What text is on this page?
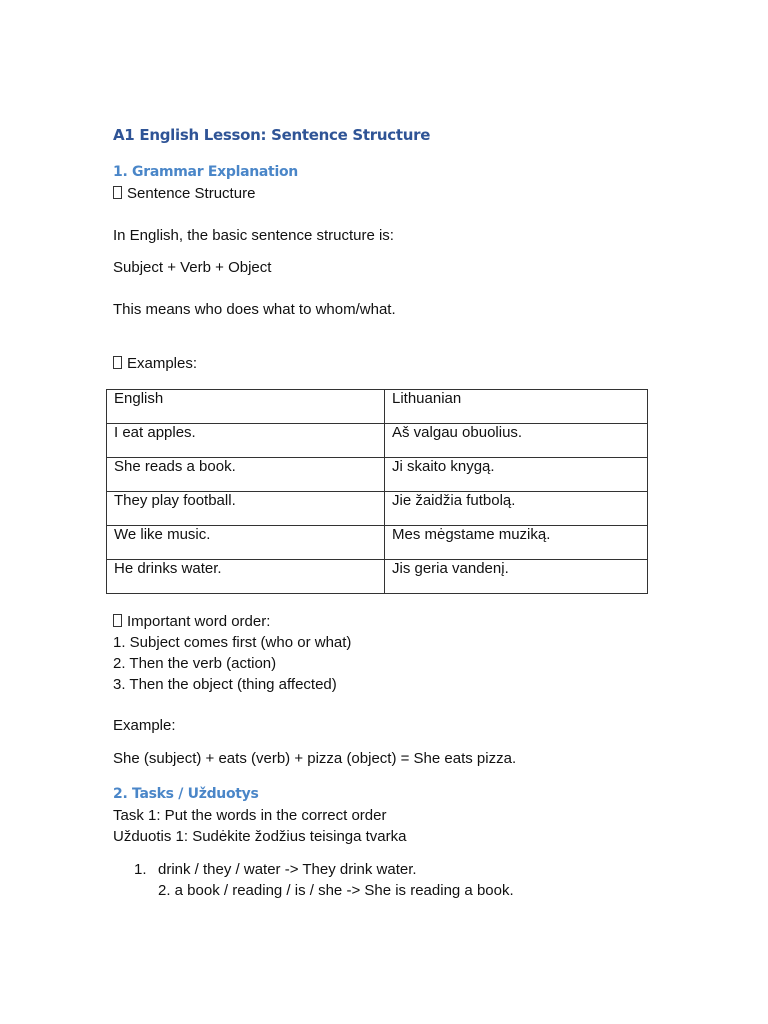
A1 English Lesson: Sentence Structure
1. Grammar Explanation
Sentence Structure
In English, the basic sentence structure is:
Subject + Verb + Object
This means who does what to whom/what.
Examples:
English	Lithuanian
I eat apples.	Aš valgau obuolius.
She reads a book.	Ji skaito knygą.
They play football.	Jie žaidžia futbolą.
We like music.	Mes mėgstame muziką.
He drinks water.	Jis geria vandenį.
Important word order:
1. Subject comes first (who or what)
2. Then the verb (action)
3. Then the object (thing affected)
Example:
She (subject) + eats (verb) + pizza (object) = She eats pizza.
2. Tasks / Užduotys
Task 1: Put the words in the correct order
Užduotis 1: Sudėkite žodžius teisinga tvarka
1. drink / they / water -> They drink water.
2. a book / reading / is / she -> She is reading a book.
